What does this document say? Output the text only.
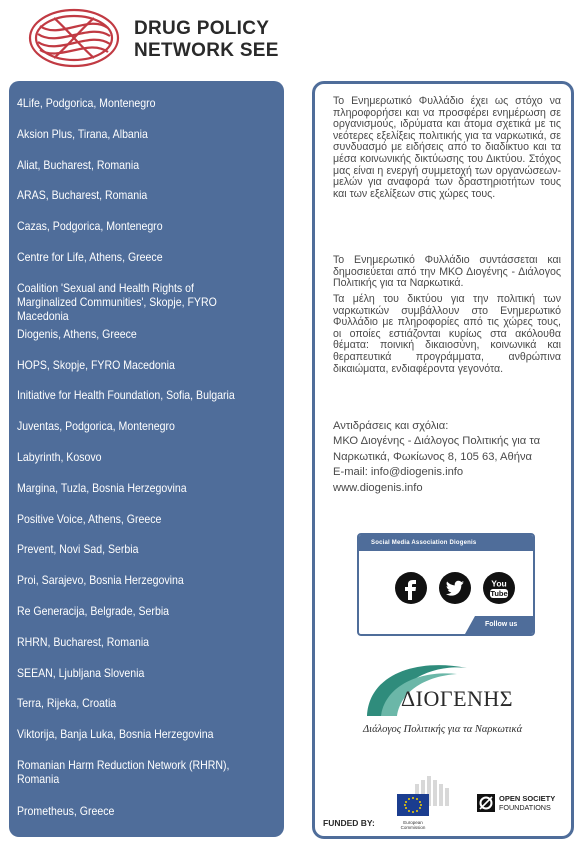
DRUG POLICY
NETWORK SEE
4Life, Podgorica, Montenegro
Aksion Plus, Tirana, Albania
Aliat, Bucharest, Romania
ARAS, Bucharest, Romania
Cazas, Podgorica, Montenegro
Centre for Life, Athens, Greece
Coalition 'Sexual and Health Rights of Marginalized Communities', Skopje, FYRO Macedonia
Diogenis, Athens, Greece
HOPS, Skopje, FYRO Macedonia
Initiative for Health Foundation, Sofia, Bulgaria
Juventas, Podgorica, Montenegro
Labyrinth, Kosovo
Margina, Tuzla, Bosnia Herzegovina
Positive Voice, Athens, Greece
Prevent, Novi Sad, Serbia
Proi, Sarajevo, Bosnia Herzegovina
Re Generacija, Belgrade, Serbia
RHRN, Bucharest, Romania
SEEAN, Ljubljana Slovenia
Terra, Rijeka, Croatia
Viktorija, Banja Luka, Bosnia Herzegovina
Romanian Harm Reduction Network (RHRN), Romania
Prometheus, Greece

Το Ενημερωτικό Φυλλάδιο έχει ως στόχο να πληροφορήσει και να προσφέρει ενημέρωση σε οργανισμούς, ιδρύματα και άτομα σχετικά με τις νεότερες εξελίξεις πολιτικής για τα ναρκωτικά, σε συνδυασμό με ειδήσεις από το διαδίκτυο και τα μέσα κοινωνικής δικτύωσης του Δικτύου. Στόχος μας είναι η ενεργή συμμετοχή των οργανώσεων-μελών για αναφορά των δραστηριοτήτων τους και των εξελίξεων στις χώρες τους.

Το Ενημερωτικό Φυλλάδιο συντάσσεται και δημοσιεύεται από την ΜΚΟ Διογένης - Διάλογος Πολιτικής για τα Ναρκωτικά.

Τα μέλη του δικτύου για την πολιτική των ναρκωτικών συμβάλλουν στο Ενημερωτικό Φυλλάδιο με πληροφορίες από τις χώρες τους, οι οποίες εστιάζονται κυρίως στα ακόλουθα θέματα: ποινική δικαιοσύνη, κοινωνικά και θεραπευτικά προγράμματα, ανθρώπινα δικαιώματα, ενδιαφέροντα γεγονότα.

Αντιδράσεις και σχόλια:
ΜΚΟ Διογένης - Διάλογος Πολιτικής για τα Ναρκωτικά, Φωκίωνος 8, 105 63, Αθήνα
E-mail: info@diogenis.info
www.diogenis.info
Social Media Association Diogenis
You
Tube
Follow us
ΔΙΟΓΕΝΗΣ
Διάλογος Πολιτικής για τα Ναρκωτικά
FUNDED BY:	European
Commission
OPEN SOCIETY
FOUNDATIONS
